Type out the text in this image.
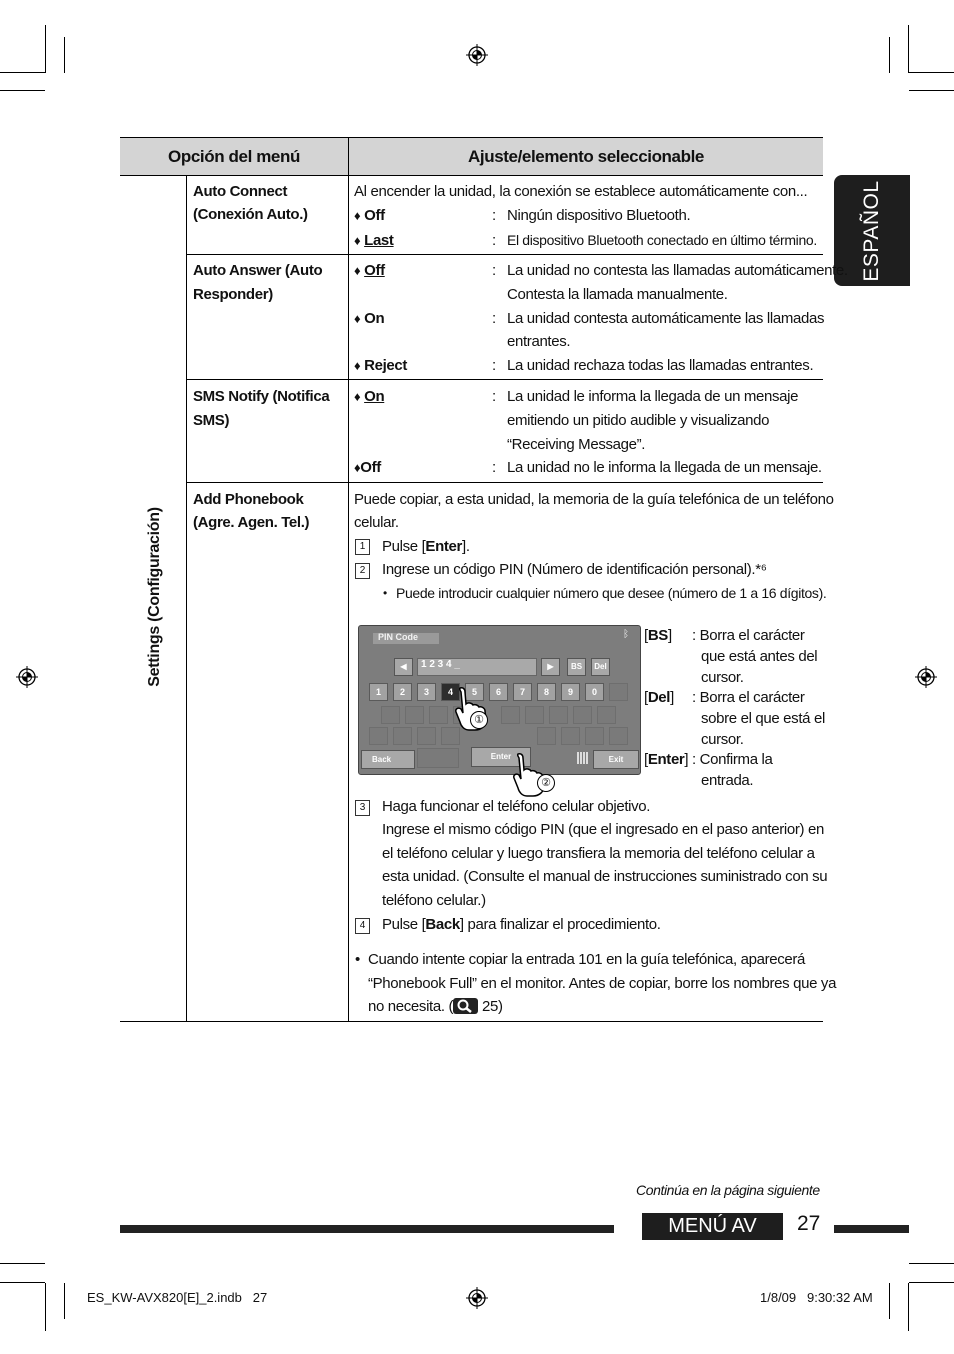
ESPAÑOL
Opción del menú	Ajuste/elemento seleccionable
Settings (Configuración)
Auto Connect
(Conexión Auto.)
Al encender la unidad, la conexión se establece automáticamente con...
♦ Off	: Ningún dispositivo Bluetooth.
♦ Last	: El dispositivo Bluetooth conectado en último término.
Auto Answer (Auto
Responder)
♦ Off	: La unidad no contesta las llamadas automáticamente.
Contesta la llamada manualmente.
♦ On	: La unidad contesta automáticamente las llamadas
entrantes.
♦ Reject	: La unidad rechaza todas las llamadas entrantes.
SMS Notify (Notifica
SMS)
♦ On	: La unidad le informa la llegada de un mensaje
emitiendo un pitido audible y visualizando
“Receiving Message”.
♦Off	: La unidad no le informa la llegada de un mensaje.
Add Phonebook
(Agre. Agen. Tel.)
Puede copiar, a esta unidad, la memoria de la guía telefónica de un teléfono
celular.
1	Pulse [Enter].
2	Ingrese un código PIN (Número de identificación personal).*⁶
• Puede introducir cualquier número que desee (número de 1 a 16 dígitos).
PIN Code	ᛒ
◀	1 2 3 4 _	▶	BS	Del
1	2	3	4	5	6	7	8	9	0
Back	Enter	Exit
①
②
[BS] : Borra el carácter
que está antes del
cursor.
[Del] : Borra el carácter
sobre el que está el
cursor.
[Enter] : Confirma la
entrada.
3	Haga funcionar el teléfono celular objetivo.
Ingrese el mismo código PIN (que el ingresado en el paso anterior) en
el teléfono celular y luego transfiera la memoria del teléfono celular a
esta unidad. (Consulte el manual de instrucciones suministrado con su
teléfono celular.)
4	Pulse [Back] para finalizar el procedimiento.
• Cuando intente copiar la entrada 101 en la guía telefónica, aparecerá
“Phonebook Full” en el monitor. Antes de copiar, borre los nombres que ya
no necesita. (
25)
Continúa en la página siguiente
MENÚ AV	27
ES_KW-AVX820[E]_2.indb   27	1/8/09   9:30:32 AM
